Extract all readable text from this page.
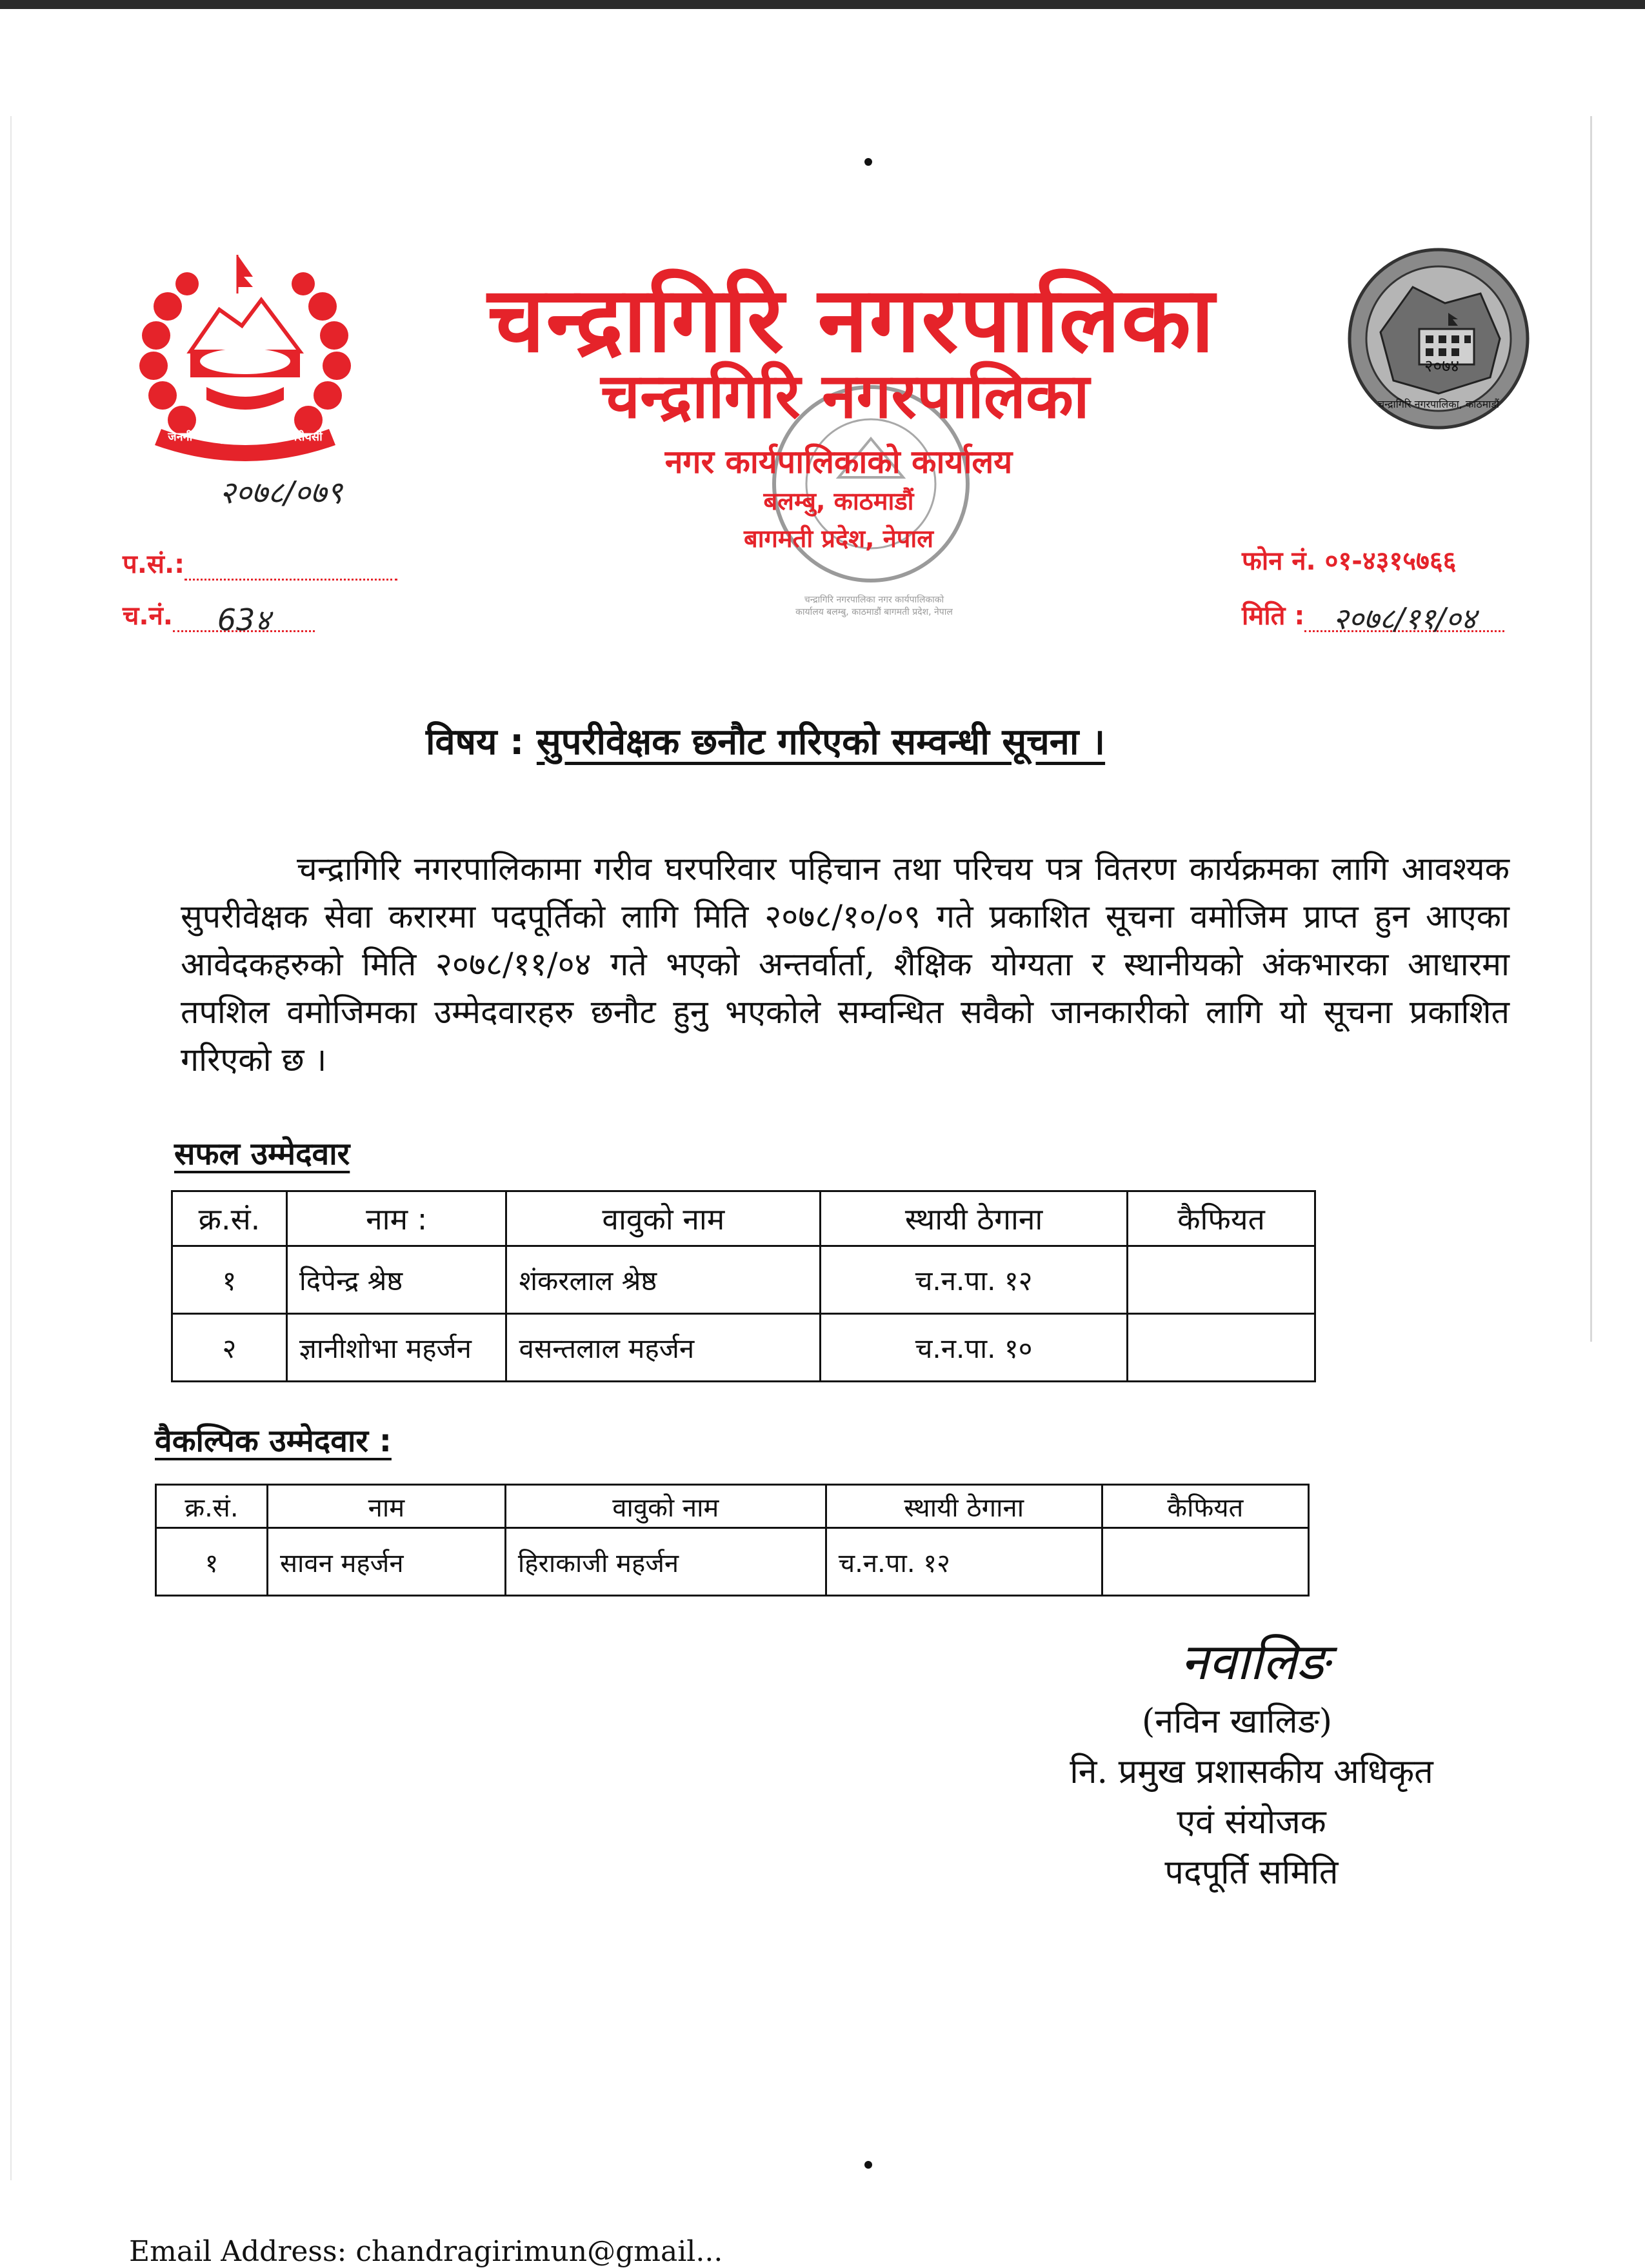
जननी जन्मभूमिश्च स्वर्गादपि गरीयसी
२०७४
चन्द्रागिरि नगरपालिका, काठमाडौं
चन्द्रागिरि नगरपालिका नगर कार्यपालिकाको कार्यालय बलम्बु, काठमाडौं बागमती प्रदेश, नेपाल
चन्द्रागिरि नगरपालिका
चन्द्रागिरि नगरपालिका
नगर कार्यपालिकाको कार्यालय
बलम्बु, काठमाडौं
बागमती प्रदेश, नेपाल
२०७८/०७९
प.सं.:
च.नं. 63४
फोन नं. ०१-४३१५७६६
मिति : २०७८/११/०४
विषय : सुपरीवेक्षक छनौट गरिएको सम्वन्धी सूचना ।
चन्द्रागिरि नगरपालिकामा गरीव घरपरिवार पहिचान तथा परिचय पत्र वितरण कार्यक्रमका लागि आवश्यक सुपरीवेक्षक सेवा करारमा पदपूर्तिको लागि मिति २०७८/१०/०९ गते प्रकाशित सूचना वमोजिम प्राप्त हुन आएका आवेदकहरुको मिति २०७८/११/०४ गते भएको अन्तर्वार्ता, शैक्षिक योग्यता र स्थानीयको अंकभारका आधारमा तपशिल वमोजिमका उम्मेदवारहरु छनौट हुनु भएकोले सम्वन्धित सवैको जानकारीको लागि यो सूचना प्रकाशित गरिएको छ ।
सफल उम्मेदवार
क्र.सं.	नाम :	वावुको नाम	स्थायी ठेगाना	कैफियत
१	दिपेन्द्र श्रेष्ठ	शंकरलाल श्रेष्ठ	च.न.पा. १२	
२	ज्ञानीशोभा महर्जन	वसन्तलाल महर्जन	च.न.पा. १०	
वैकल्पिक उम्मेदवार :
क्र.सं.	नाम	वावुको नाम	स्थायी ठेगाना	कैफियत
१	सावन महर्जन	हिराकाजी महर्जन	च.न.पा. १२	
नवालिङ
(नविन खालिङ)
नि. प्रमुख प्रशासकीय अधिकृत
एवं संयोजक
पदपूर्ति समिति
Email Address: chandragirimun@gmail...
